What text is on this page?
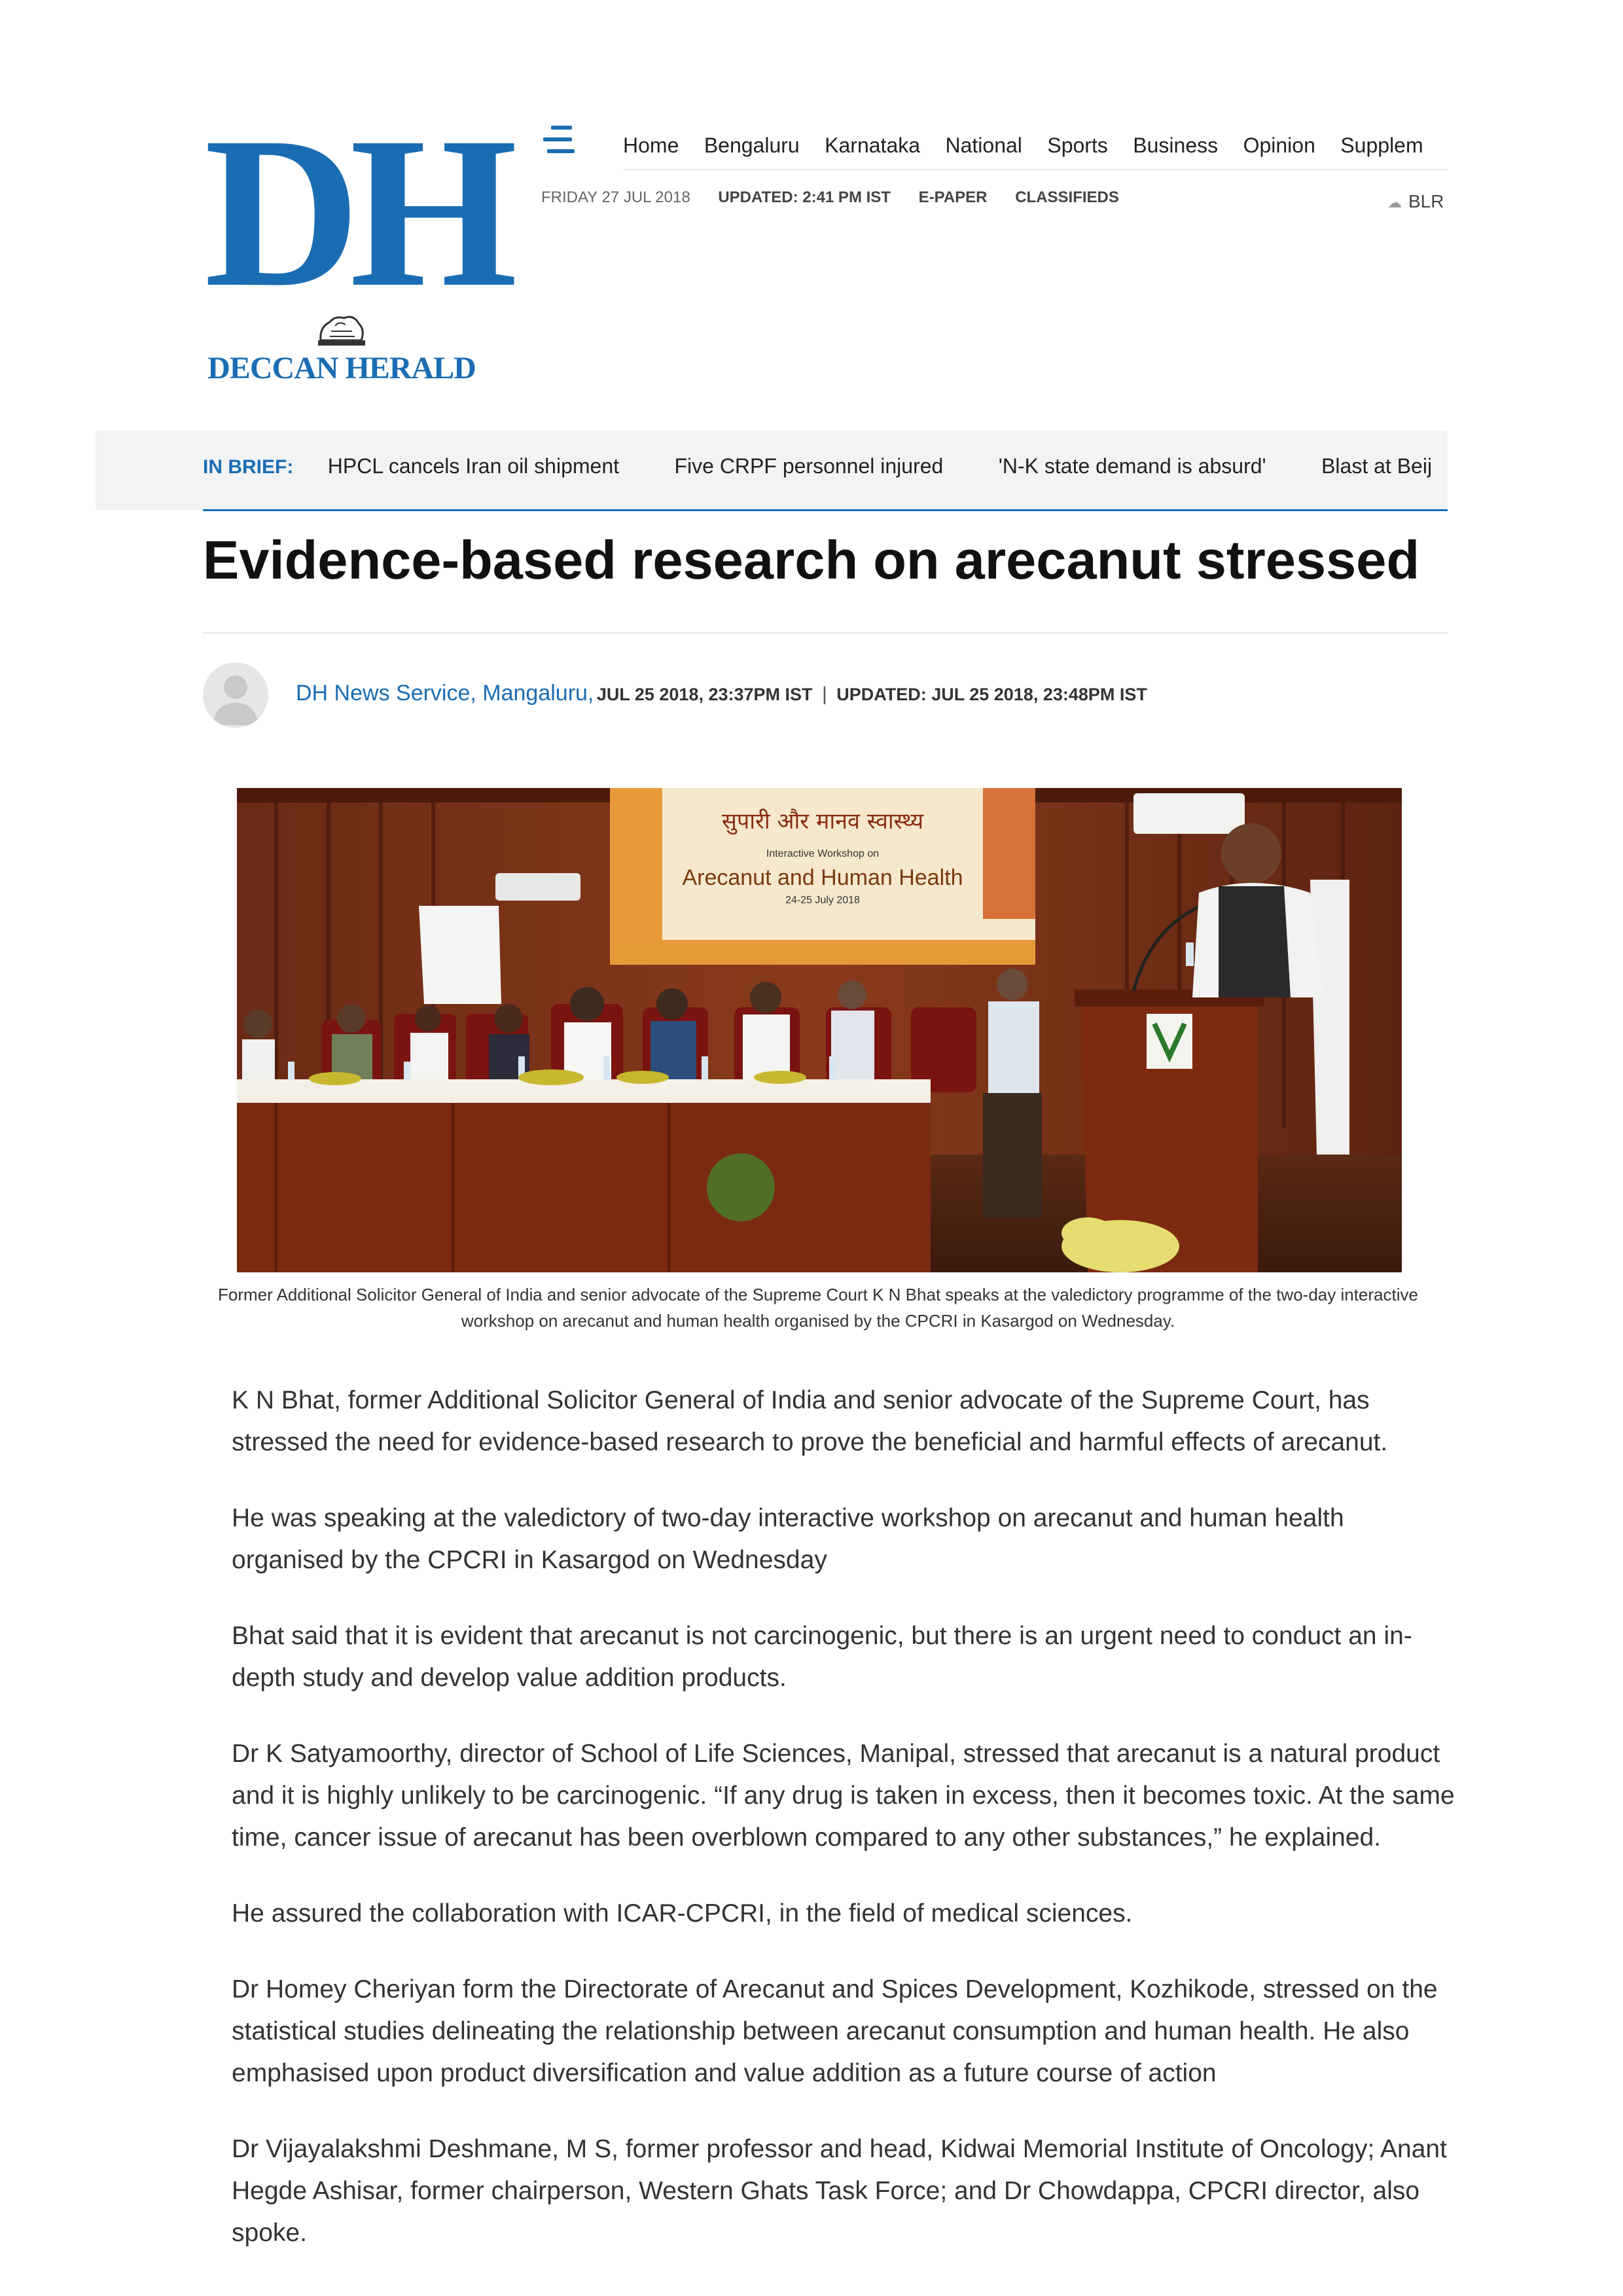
DH
DECCAN HERALD
Home Bengaluru Karnataka National Sports Business Opinion Supplem
FRIDAY 27 JUL 2018 UPDATED: 2:41 PM IST E-PAPER CLASSIFIEDS	☁ BLR
IN BRIEF: HPCL cancels Iran oil shipment	Five CRPF personnel injured	'N-K state demand is absurd'	Blast at Beij
Evidence-based research on arecanut stressed
DH News Service, Mangaluru, JUL 25 2018, 23:37PM IST | UPDATED: JUL 25 2018, 23:48PM IST
सुपारी और मानव स्वास्थ्य
Interactive Workshop on
Arecanut and Human Health
24-25 July 2018

Former Additional Solicitor General of India and senior advocate of the Supreme Court K N Bhat speaks at the valedictory programme of the two-day interactive workshop on arecanut and human health organised by the CPCRI in Kasargod on Wednesday.

K N Bhat, former Additional Solicitor General of India and senior advocate of the Supreme Court, has stressed the need for evidence-based research to prove the beneficial and harmful effects of arecanut.

He was speaking at the valedictory of two-day interactive workshop on arecanut and human health organised by the CPCRI in Kasargod on Wednesday

Bhat said that it is evident that arecanut is not carcinogenic, but there is an urgent need to conduct an in-depth study and develop value addition products.

Dr K Satyamoorthy, director of School of Life Sciences, Manipal, stressed that arecanut is a natural product and it is highly unlikely to be carcinogenic. “If any drug is taken in excess, then it becomes toxic. At the same time, cancer issue of arecanut has been overblown compared to any other substances,” he explained.

He assured the collaboration with ICAR-CPCRI, in the field of medical sciences.

Dr Homey Cheriyan form the Directorate of Arecanut and Spices Development, Kozhikode, stressed on the statistical studies delineating the relationship between arecanut consumption and human health. He also emphasised upon product diversification and value addition as a future course of action

Dr Vijayalakshmi Deshmane, M S, former professor and head, Kidwai Memorial Institute of Oncology; Anant Hegde Ashisar, former chairperson, Western Ghats Task Force; and Dr Chowdappa, CPCRI director, also spoke.
